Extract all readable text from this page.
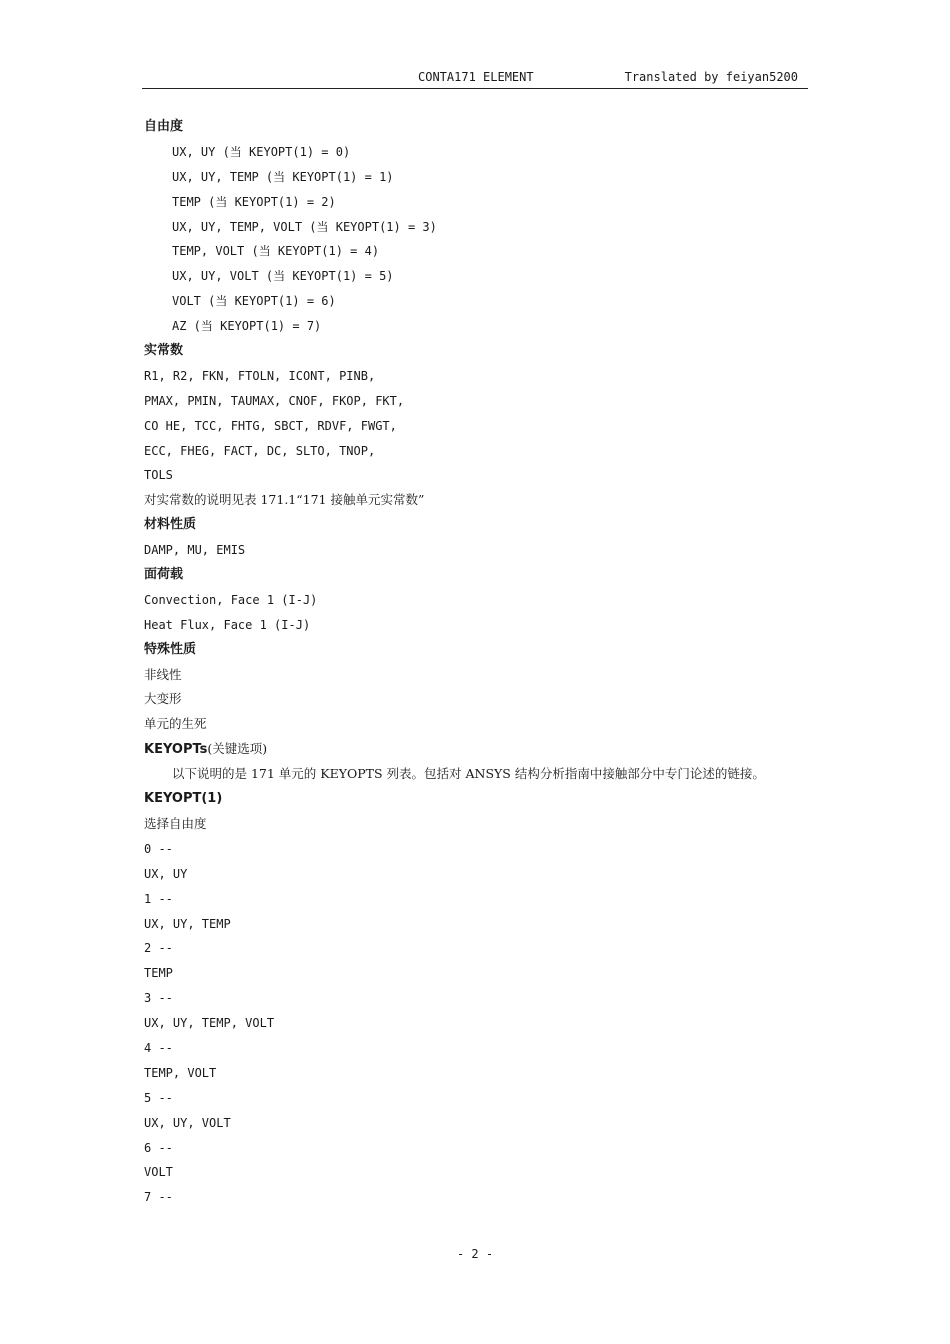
CONTA171 ELEMENT	Translated by feiyan5200
自由度
UX, UY (当 KEYOPT(1) = 0)
UX, UY, TEMP (当 KEYOPT(1) = 1)
TEMP (当 KEYOPT(1) = 2)
UX, UY, TEMP, VOLT (当 KEYOPT(1) = 3)
TEMP, VOLT (当 KEYOPT(1) = 4)
UX, UY, VOLT (当 KEYOPT(1) = 5)
VOLT (当 KEYOPT(1) = 6)
AZ (当 KEYOPT(1) = 7)
实常数
R1, R2, FKN, FTOLN, ICONT, PINB,
PMAX, PMIN, TAUMAX, CNOF, FKOP, FKT,
CO HE, TCC, FHTG, SBCT, RDVF, FWGT,
ECC, FHEG, FACT, DC, SLTO, TNOP,
TOLS
对实常数的说明见表 171.1“171 接触单元实常数”
材料性质
DAMP, MU, EMIS
面荷载
Convection, Face 1 (I-J)
Heat Flux, Face 1 (I-J)
特殊性质
非线性
大变形
单元的生死
KEYOPTs(关键选项)
以下说明的是 171 单元的 KEYOPTS 列表。包括对 ANSYS 结构分析指南中接触部分中专门论述的链接。
KEYOPT(1)
选择自由度
0 --
UX, UY
1 --
UX, UY, TEMP
2 --
TEMP
3 --
UX, UY, TEMP, VOLT
4 --
TEMP, VOLT
5 --
UX, UY, VOLT
6 --
VOLT
7 --
- 2 -
